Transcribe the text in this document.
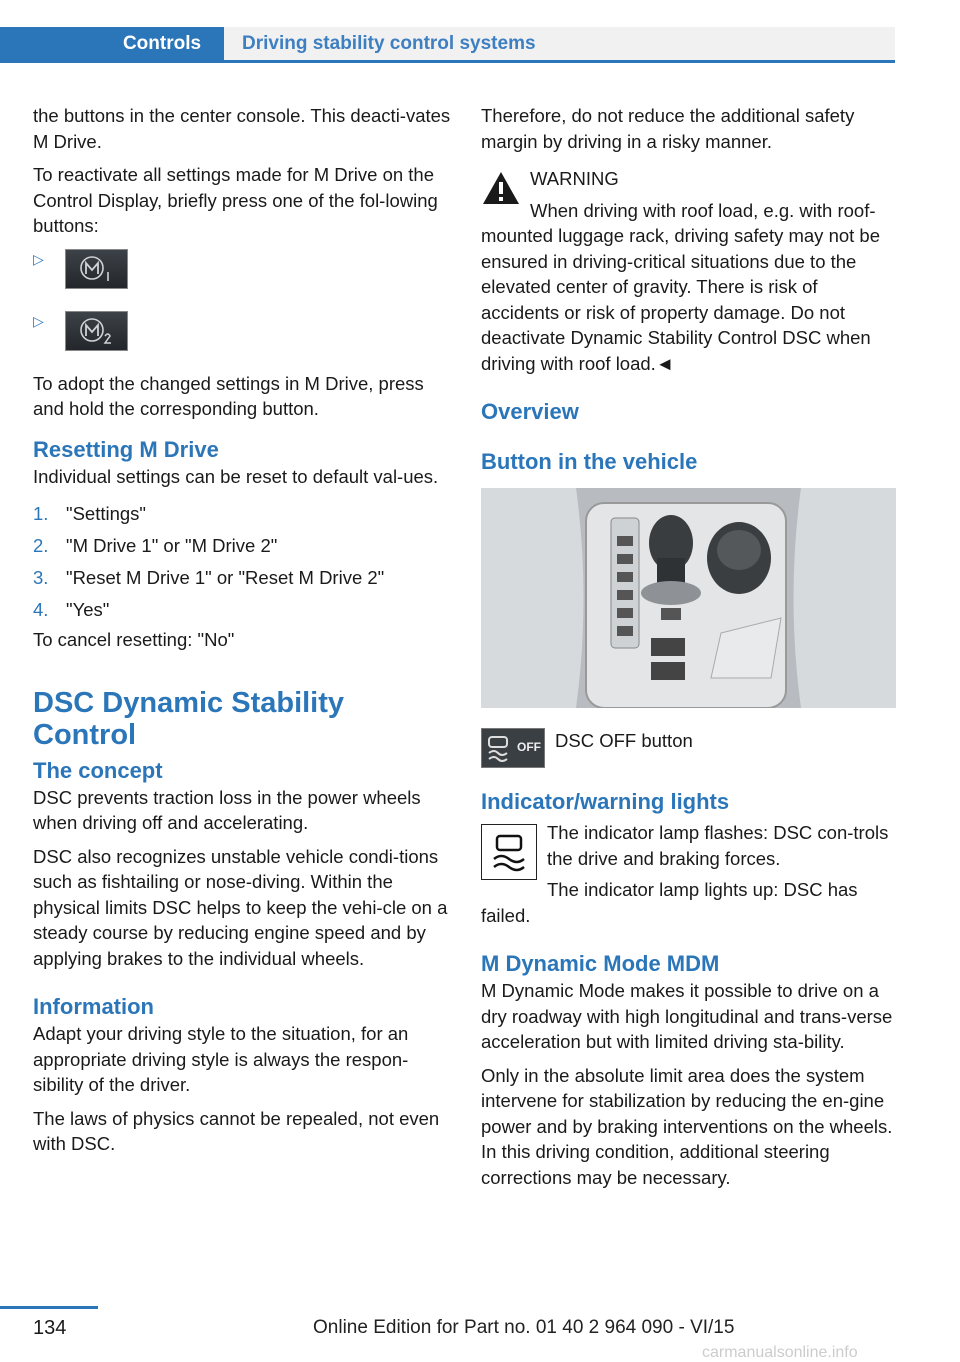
Controls	Driving stability control systems

the buttons in the center console. This deacti-vates M Drive.

To reactivate all settings made for M Drive on the Control Display, briefly press one of the fol-lowing buttons:

▷
▷

To adopt the changed settings in M Drive, press and hold the corresponding button.

Resetting M Drive

Individual settings can be reset to default val-ues.

1. "Settings"
2. "M Drive 1" or "M Drive 2"
3. "Reset M Drive 1" or "Reset M Drive 2"
4. "Yes"

To cancel resetting: "No"

DSC Dynamic Stability Control
The concept

DSC prevents traction loss in the power wheels when driving off and accelerating.

DSC also recognizes unstable vehicle condi-tions such as fishtailing or nose-diving. Within the physical limits DSC helps to keep the vehi-cle on a steady course by reducing engine speed and by applying brakes to the individual wheels.

Information

Adapt your driving style to the situation, for an appropriate driving style is always the respon-sibility of the driver.

The laws of physics cannot be repealed, not even with DSC.

Therefore, do not reduce the additional safety margin by driving in a risky manner.

WARNING

When driving with roof load, e.g. with roof-mounted luggage rack, driving safety may not be ensured in driving-critical situations due to the elevated center of gravity. There is risk of accidents or risk of property damage. Do not deactivate Dynamic Stability Control DSC when driving with roof load.◄

Overview
Button in the vehicle
OFF DSC OFF button
Indicator/warning lights

The indicator lamp flashes: DSC con-trols the drive and braking forces.

The indicator lamp lights up: DSC has failed.

M Dynamic Mode MDM

M Dynamic Mode makes it possible to drive on a dry roadway with high longitudinal and trans-verse acceleration but with limited driving sta-bility.

Only in the absolute limit area does the system intervene for stabilization by reducing the en-gine power and by braking interventions on the wheels. In this driving condition, additional steering corrections may be necessary.

134	Online Edition for Part no. 01 40 2 964 090 - VI/15
carmanualsonline.info
